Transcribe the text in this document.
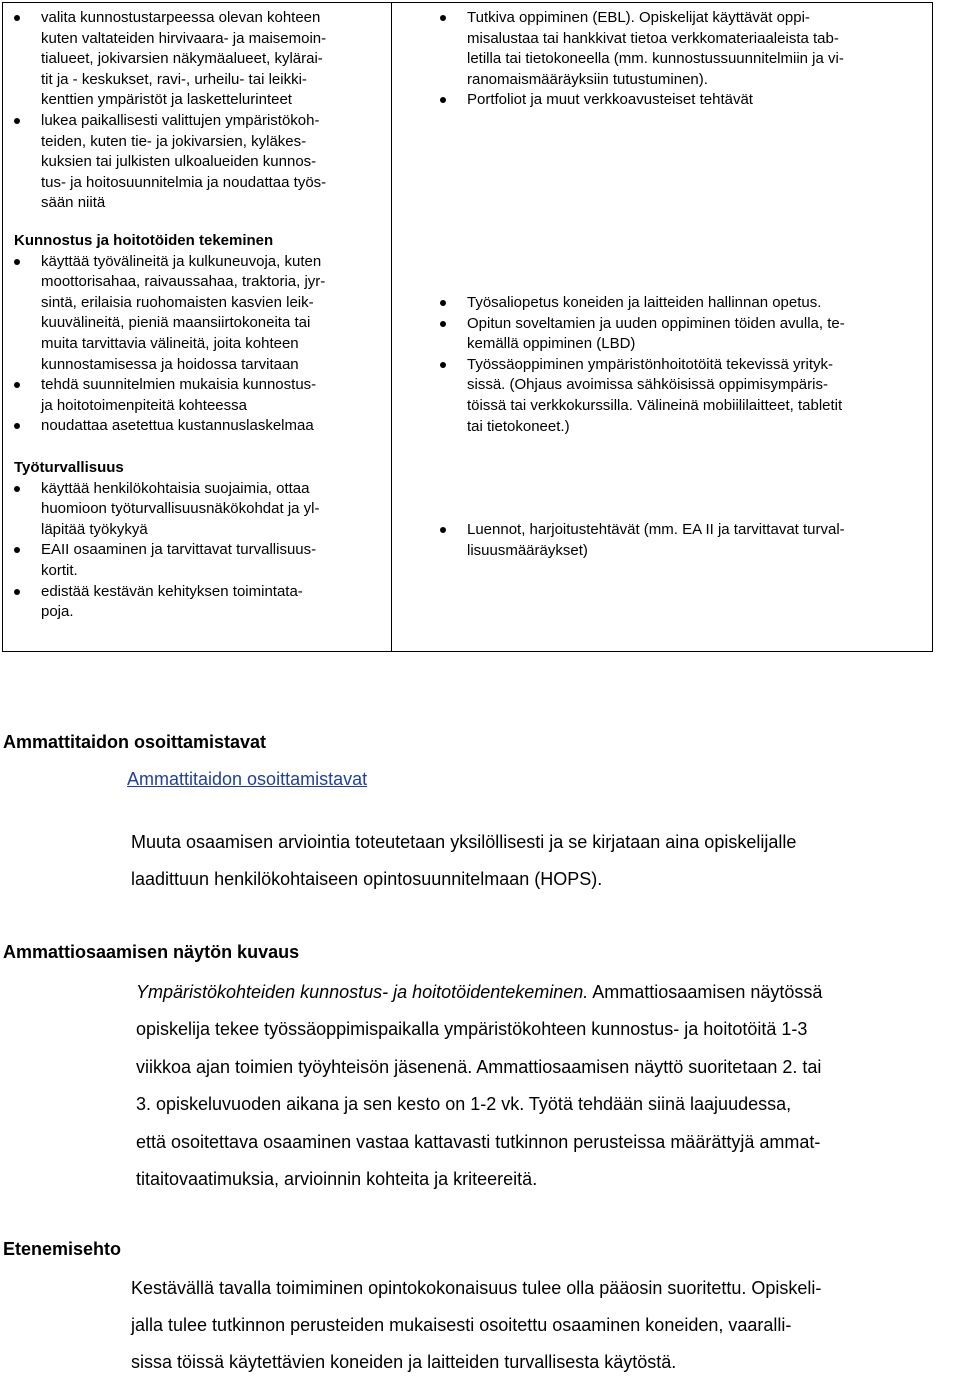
valita kunnostustarpeessa olevan kohteen
kuten valtateiden hirvivaara- ja maisemoin-
tialueet, jokivarsien näkymäalueet, kylärai-
tit ja - keskukset, ravi-, urheilu- tai leikki-
kenttien ympäristöt ja laskettelurinteet
lukea paikallisesti valittujen ympäristökoh-
teiden, kuten tie- ja jokivarsien, kyläkes-
kuksien tai julkisten ulkoalueiden kunnos-
tus- ja hoitosuunnitelmia ja noudattaa työs-
sään niitä
Kunnostus ja hoitotöiden tekeminen
käyttää työvälineitä ja kulkuneuvoja, kuten
moottorisahaa, raivaussahaa, traktoria, jyr-
sintä, erilaisia ruohomaisten kasvien leik-
kuuvälineitä, pieniä maansiirtokoneita tai
muita tarvittavia välineitä, joita kohteen
kunnostamisessa ja hoidossa tarvitaan
tehdä suunnitelmien mukaisia kunnostus-
ja hoitotoimenpiteitä kohteessa
noudattaa asetettua kustannuslaskelmaa
Työturvallisuus
käyttää henkilökohtaisia suojaimia, ottaa
huomioon työturvallisuusnäkökohdat ja yl-
läpitää työkykyä
EAII osaaminen ja tarvittavat turvallisuus-
kortit.
edistää kestävän kehityksen toimintata-
poja.
Tutkiva oppiminen (EBL). Opiskelijat käyttävät oppi-
misalustaa tai hankkivat tietoa verkkomateriaaleista tab-
letilla tai tietokoneella (mm. kunnostussuunnitelmiin ja vi-
ranomaismääräyksiin tutustuminen).
Portfoliot ja muut verkkoavusteiset tehtävät
Työsaliopetus koneiden ja laitteiden hallinnan opetus.
Opitun soveltamien ja uuden oppiminen töiden avulla, te-
kemällä oppiminen (LBD)
Työssäoppiminen ympäristönhoitotöitä tekevissä yrityk-
sissä. (Ohjaus avoimissa sähköisissä oppimisympäris-
töissä tai verkkokurssilla. Välineinä mobiililaitteet, tabletit
tai tietokoneet.)
Luennot, harjoitustehtävät (mm. EA II ja tarvittavat turval-
lisuusmääräykset)
Ammattitaidon osoittamistavat
Ammattitaidon osoittamistavat
Muuta osaamisen arviointia toteutetaan yksilöllisesti ja se kirjataan aina opiskelijalle
laadittuun henkilökohtaiseen opintosuunnitelmaan (HOPS).
Ammattiosaamisen näytön kuvaus
Ympäristökohteiden kunnostus- ja hoitotöidentekeminen. Ammattiosaamisen näytössä
opiskelija tekee työssäoppimispaikalla ympäristökohteen kunnostus- ja hoitotöitä 1-3
viikkoa ajan toimien työyhteisön jäsenenä. Ammattiosaamisen näyttö suoritetaan 2. tai
3. opiskeluvuoden aikana ja sen kesto on 1-2 vk. Työtä tehdään siinä laajuudessa,
että osoitettava osaaminen vastaa kattavasti tutkinnon perusteissa määrättyjä ammat-
titaitovaatimuksia, arvioinnin kohteita ja kriteereitä.
Etenemisehto
Kestävällä tavalla toimiminen opintokokonaisuus tulee olla pääosin suoritettu. Opiskeli-
jalla tulee tutkinnon perusteiden mukaisesti osoitettu osaaminen koneiden, vaaralli-
sissa töissä käytettävien koneiden ja laitteiden turvallisesta käytöstä.
